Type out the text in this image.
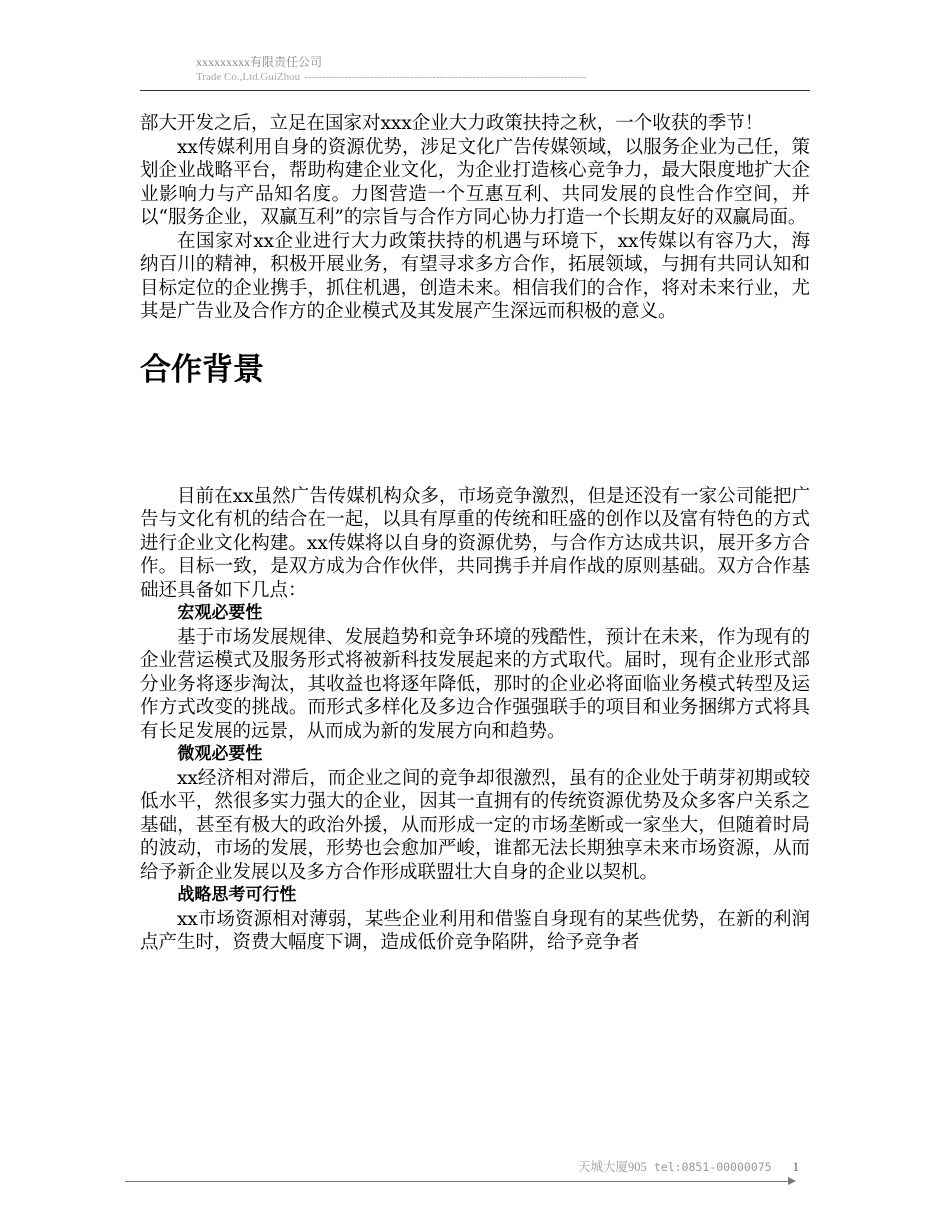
xxxxxxxxx有限责任公司
Trade Co.,Ltd.GuiZhou -----------------------------------------------------------------------------

部大开发之后，立足在国家对xxx企业大力政策扶持之秋，一个收获的季节！

xx传媒利用自身的资源优势，涉足文化广告传媒领域，以服务企业为己任，策划企业战略平台，帮助构建企业文化，为企业打造核心竞争力，最大限度地扩大企业影响力与产品知名度。力图营造一个互惠互利、共同发展的良性合作空间，并以“服务企业，双赢互利”的宗旨与合作方同心协力打造一个长期友好的双赢局面。

在国家对xx企业进行大力政策扶持的机遇与环境下，xx传媒以有容乃大，海纳百川的精神，积极开展业务，有望寻求多方合作，拓展领域，与拥有共同认知和目标定位的企业携手，抓住机遇，创造未来。相信我们的合作，将对未来行业，尤其是广告业及合作方的企业模式及其发展产生深远而积极的意义。

合作背景

目前在xx虽然广告传媒机构众多，市场竞争激烈，但是还没有一家公司能把广告与文化有机的结合在一起，以具有厚重的传统和旺盛的创作以及富有特色的方式进行企业文化构建。xx传媒将以自身的资源优势，与合作方达成共识，展开多方合作。目标一致，是双方成为合作伙伴，共同携手并肩作战的原则基础。双方合作基础还具备如下几点：

宏观必要性

基于市场发展规律、发展趋势和竞争环境的残酷性，预计在未来，作为现有的企业营运模式及服务形式将被新科技发展起来的方式取代。届时，现有企业形式部分业务将逐步淘汰，其收益也将逐年降低，那时的企业必将面临业务模式转型及运作方式改变的挑战。而形式多样化及多边合作强强联手的项目和业务捆绑方式将具有长足发展的远景，从而成为新的发展方向和趋势。

微观必要性

xx经济相对滞后，而企业之间的竞争却很激烈，虽有的企业处于萌芽初期或较低水平，然很多实力强大的企业，因其一直拥有的传统资源优势及众多客户关系之基础，甚至有极大的政治外援，从而形成一定的市场垄断或一家坐大，但随着时局的波动，市场的发展，形势也会愈加严峻，谁都无法长期独享未来市场资源，从而给予新企业发展以及多方合作形成联盟壮大自身的企业以契机。

战略思考可行性

xx市场资源相对薄弱，某些企业利用和借鉴自身现有的某些优势，在新的利润点产生时，资费大幅度下调，造成低价竞争陷阱，给予竞争者

天城大厦905 tel:0851-00000075 1
